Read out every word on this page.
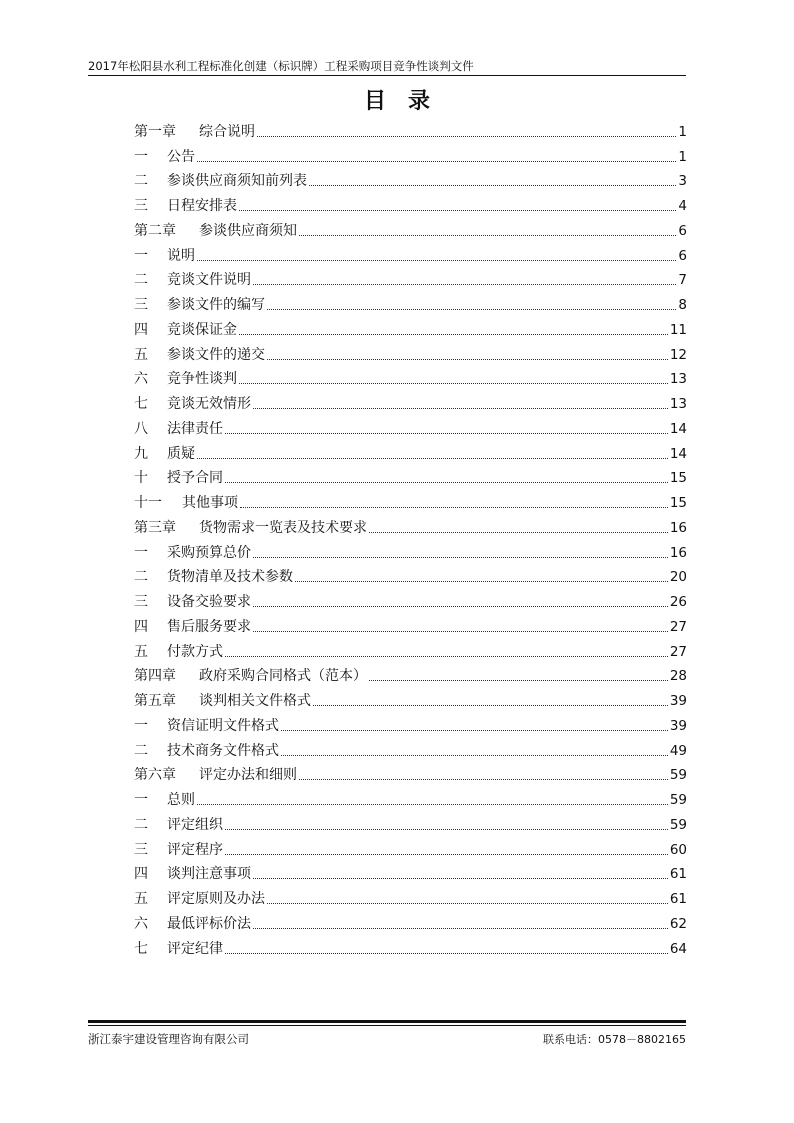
2017年松阳县水利工程标准化创建（标识牌）工程采购项目竞争性谈判文件
目录
第一章	综合说明	1
一	公告	1
二	参谈供应商须知前列表	3
三	日程安排表	4
第二章	参谈供应商须知	6
一	说明	6
二	竞谈文件说明	7
三	参谈文件的编写	8
四	竞谈保证金	11
五	参谈文件的递交	12
六	竞争性谈判	13
七	竞谈无效情形	13
八	法律责任	14
九	质疑	14
十	授予合同	15
十一	其他事项	15
第三章	货物需求一览表及技术要求	16
一	采购预算总价	16
二	货物清单及技术参数	20
三	设备交验要求	26
四	售后服务要求	27
五	付款方式	27
第四章	政府采购合同格式（范本）	28
第五章	谈判相关文件格式	39
一	资信证明文件格式	39
二	技术商务文件格式	49
第六章	评定办法和细则	59
一	总则	59
二	评定组织	59
三	评定程序	60
四	谈判注意事项	61
五	评定原则及办法	61
六	最低评标价法	62
七	评定纪律	64
浙江泰宇建设管理咨询有限公司	联系电话：0578－8802165
